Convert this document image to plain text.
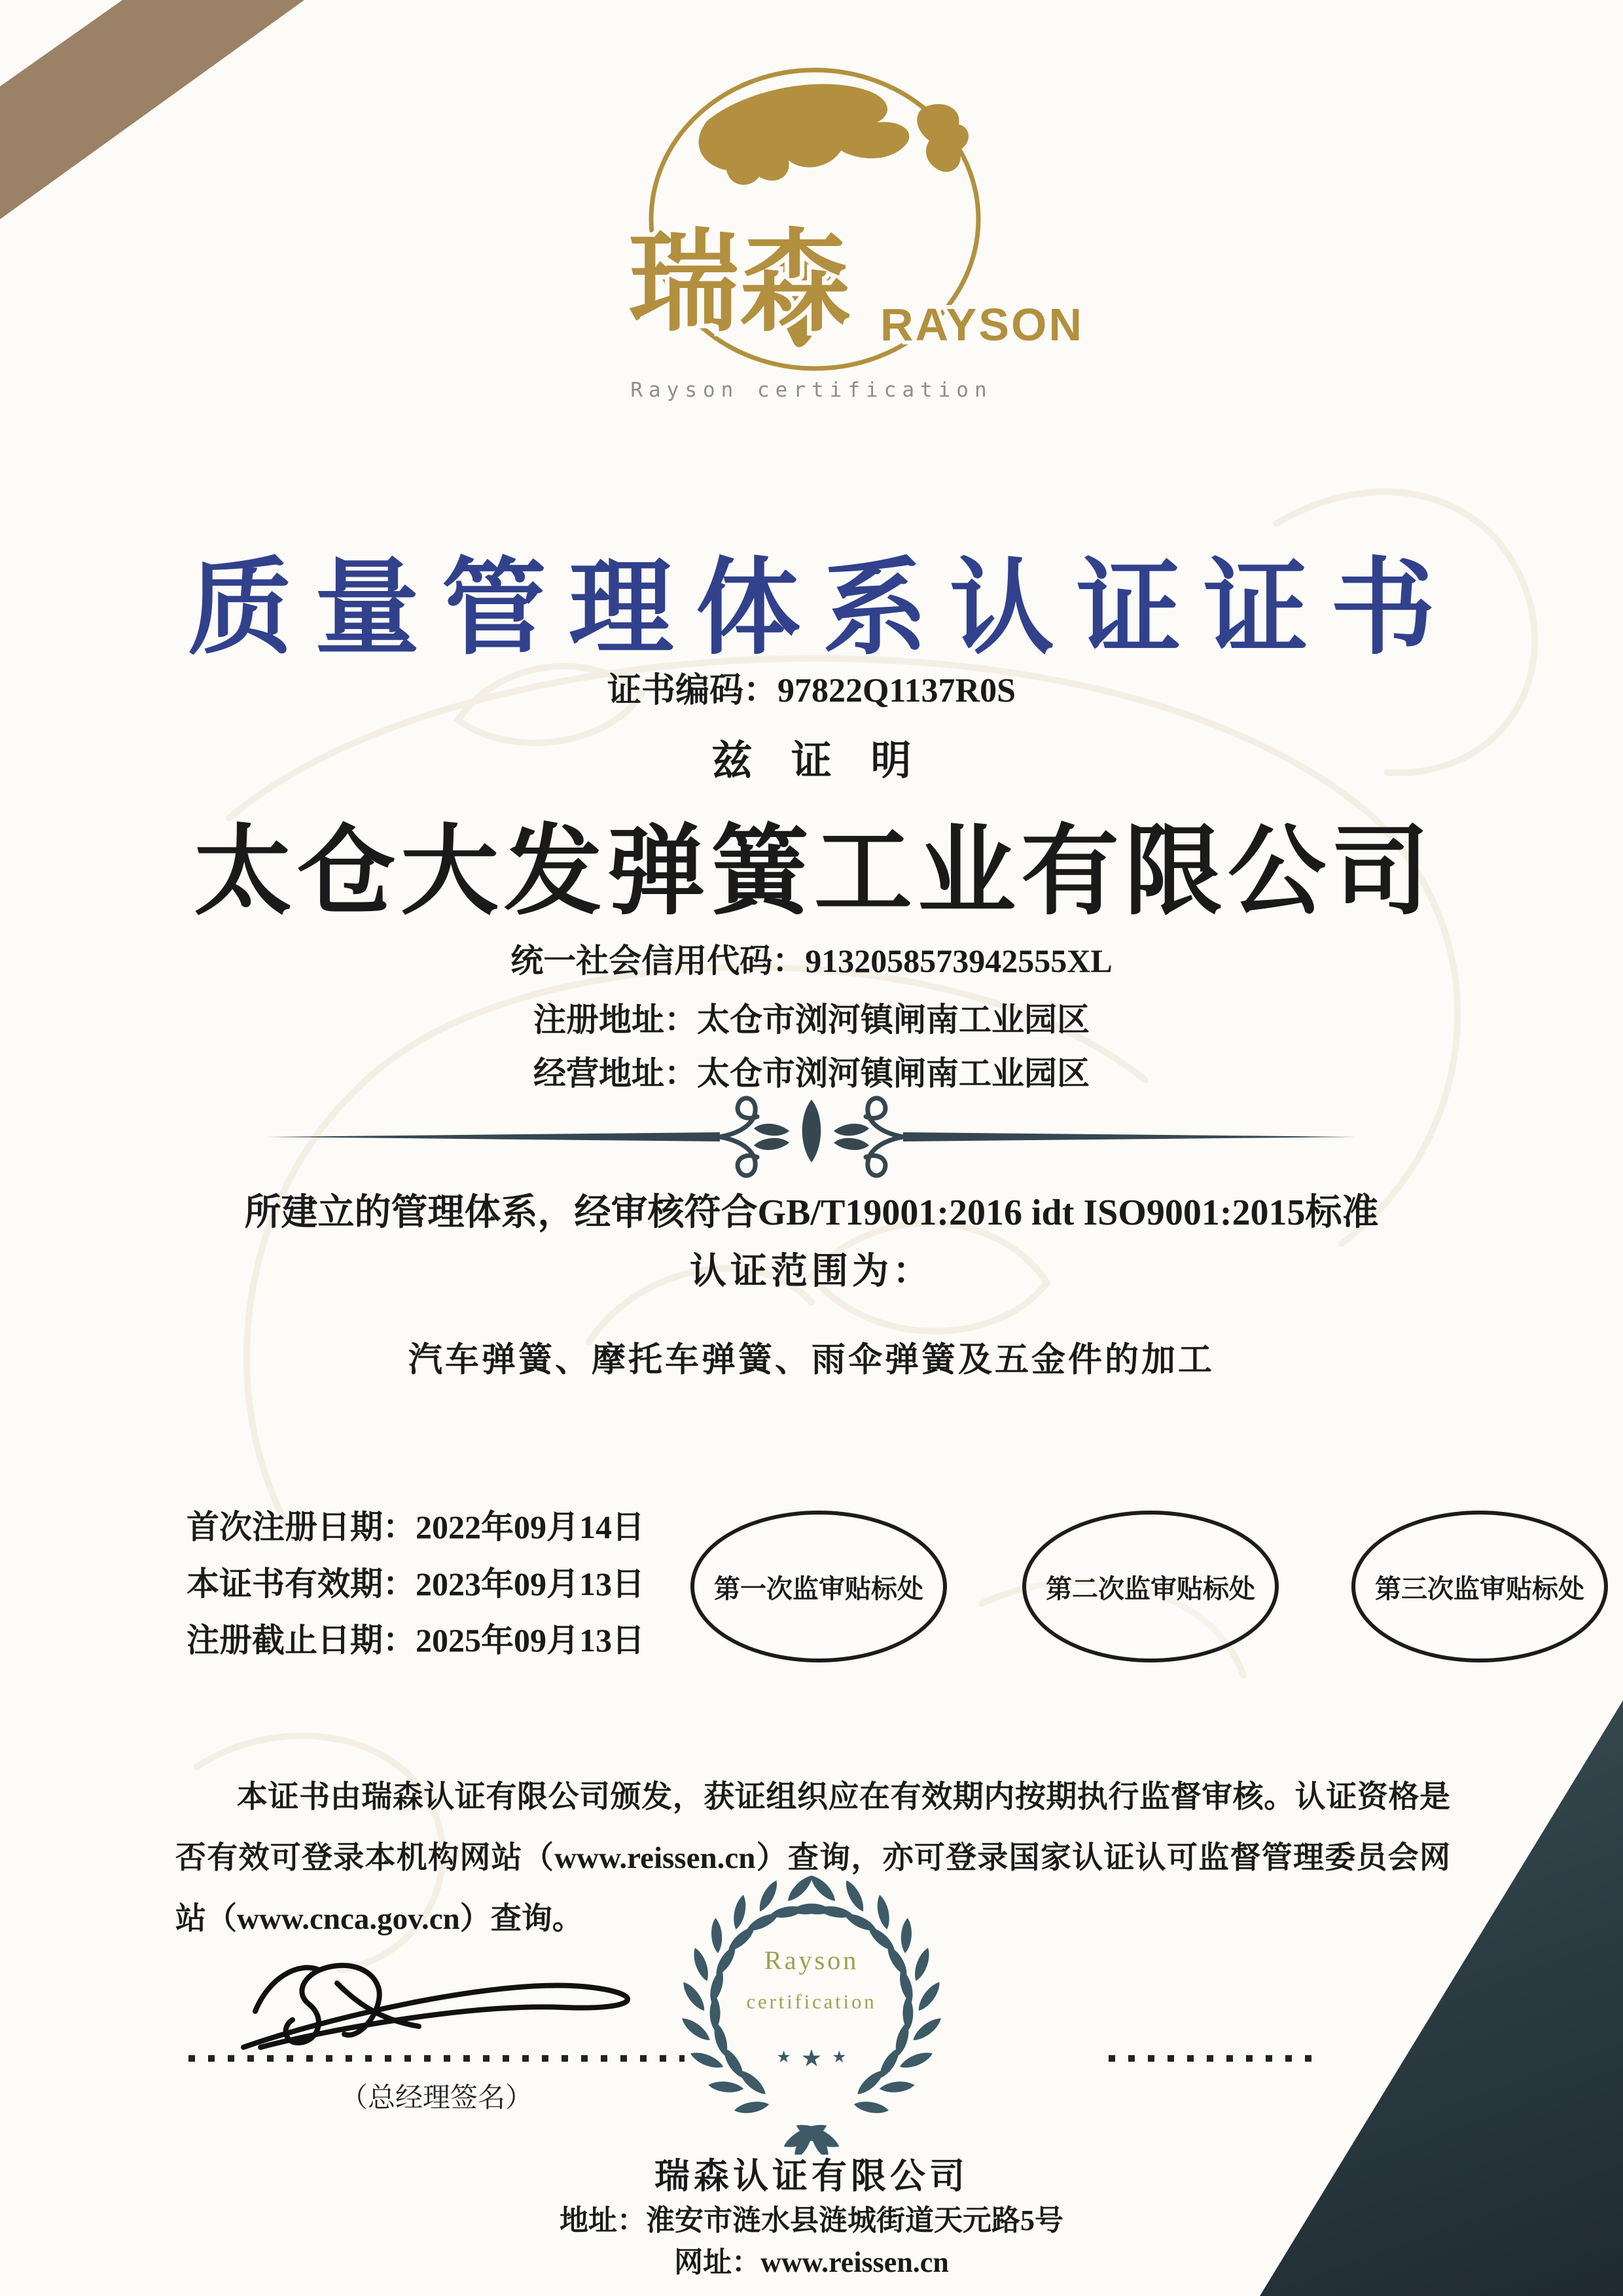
瑞森 RAYSON
Rayson certification
质量管理体系认证证书
证书编码：97822Q1137R0S
兹 证 明
太仓大发弹簧工业有限公司
统一社会信用代码：9132058573942555XL
注册地址：太仓市浏河镇闸南工业园区
经营地址：太仓市浏河镇闸南工业园区
所建立的管理体系，经审核符合GB/T19001:2016 idt ISO9001:2015标准
认证范围为：
汽车弹簧、摩托车弹簧、雨伞弹簧及五金件的加工
首次注册日期：2022年09月14日
本证书有效期：2023年09月13日
注册截止日期：2025年09月13日
第一次监审贴标处	第二次监审贴标处	第三次监审贴标处
本证书由瑞森认证有限公司颁发，获证组织应在有效期内按期执行监督审核。认证资格是否有效可登录本机构网站（www.reissen.cn）查询，亦可登录国家认证认可监督管理委员会网站（www.cnca.gov.cn）查询。
（总经理签名）
Rayson
certification
★ ★ ★
瑞森认证有限公司
地址：淮安市涟水县涟城街道天元路5号
网址：www.reissen.cn
